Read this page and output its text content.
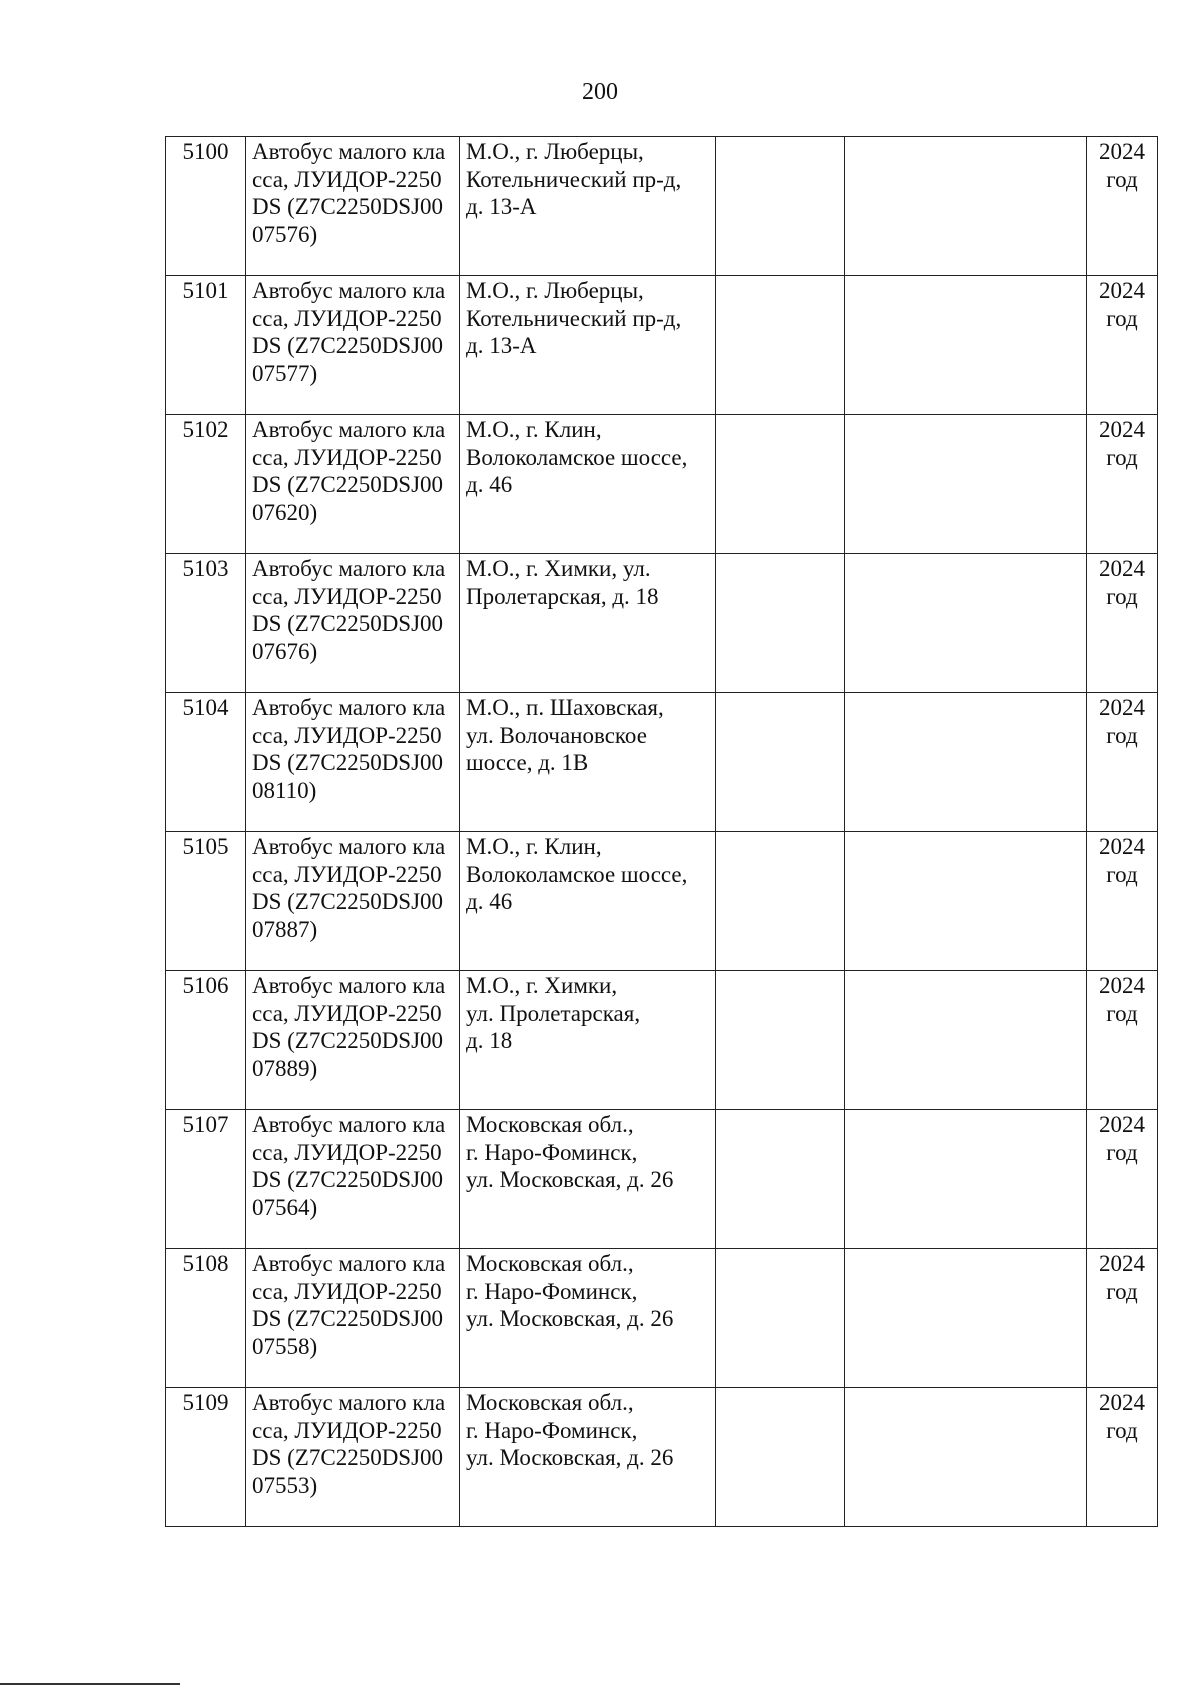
200
5100	Автобус малого класса, ЛУИДОР-2250DS (Z7C2250DSJ0007576)	М.О., г. Люберцы,
Котельнический пр-д,
д. 13-А			2024
год
5101	Автобус малого класса, ЛУИДОР-2250DS (Z7C2250DSJ0007577)	М.О., г. Люберцы,
Котельнический пр-д,
д. 13-А			2024
год
5102	Автобус малого класса, ЛУИДОР-2250DS (Z7C2250DSJ0007620)	М.О., г. Клин,
Волоколамское шоссе,
д. 46			2024
год
5103	Автобус малого класса, ЛУИДОР-2250DS (Z7C2250DSJ0007676)	М.О., г. Химки, ул.
Пролетарская, д. 18			2024
год
5104	Автобус малого класса, ЛУИДОР-2250DS (Z7C2250DSJ0008110)	М.О., п. Шаховская,
ул. Волочановское
шоссе, д. 1В			2024
год
5105	Автобус малого класса, ЛУИДОР-2250DS (Z7C2250DSJ0007887)	М.О., г. Клин,
Волоколамское шоссе,
д. 46			2024
год
5106	Автобус малого класса, ЛУИДОР-2250DS (Z7C2250DSJ0007889)	М.О., г. Химки,
ул. Пролетарская,
д. 18			2024
год
5107	Автобус малого класса, ЛУИДОР-2250DS (Z7C2250DSJ0007564)	Московская обл.,
г. Наро-Фоминск,
ул. Московская, д. 26			2024
год
5108	Автобус малого класса, ЛУИДОР-2250DS (Z7C2250DSJ0007558)	Московская обл.,
г. Наро-Фоминск,
ул. Московская, д. 26			2024
год
5109	Автобус малого класса, ЛУИДОР-2250DS (Z7C2250DSJ0007553)	Московская обл.,
г. Наро-Фоминск,
ул. Московская, д. 26			2024
год
